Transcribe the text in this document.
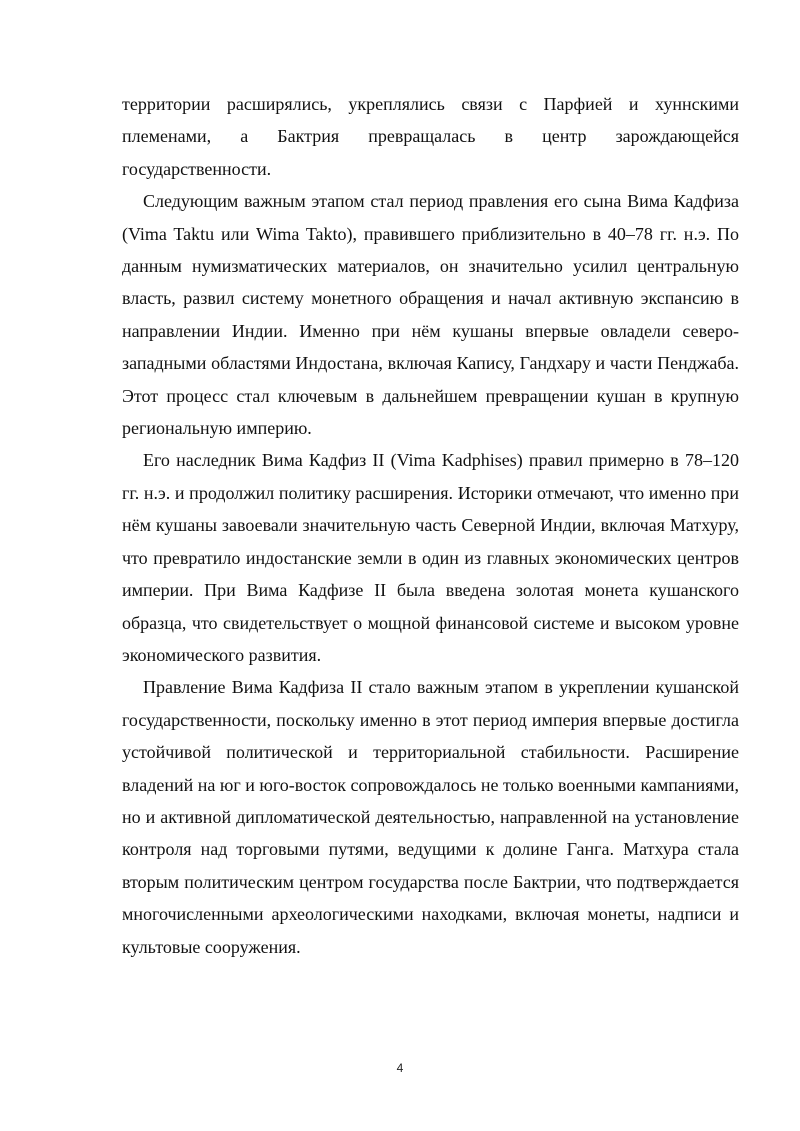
территории расширялись, укреплялись связи с Парфией и хуннскими племенами, а Бактрия превращалась в центр зарождающейся государственности.

Следующим важным этапом стал период правления его сына Вима Кадфиза (Vima Taktu или Wima Takto), правившего приблизительно в 40–78 гг. н.э. По данным нумизматических материалов, он значительно усилил центральную власть, развил систему монетного обращения и начал активную экспансию в направлении Индии. Именно при нём кушаны впервые овладели северо-западными областями Индостана, включая Капису, Гандхару и части Пенджаба. Этот процесс стал ключевым в дальнейшем превращении кушан в крупную региональную империю.

Его наследник Вима Кадфиз II (Vima Kadphises) правил примерно в 78–120 гг. н.э. и продолжил политику расширения. Историки отмечают, что именно при нём кушаны завоевали значительную часть Северной Индии, включая Матхуру, что превратило индостанские земли в один из главных экономических центров империи. При Вима Кадфизе II была введена золотая монета кушанского образца, что свидетельствует о мощной финансовой системе и высоком уровне экономического развития.

Правление Вима Кадфиза II стало важным этапом в укреплении кушанской государственности, поскольку именно в этот период империя впервые достигла устойчивой политической и территориальной стабильности. Расширение владений на юг и юго-восток сопровождалось не только военными кампаниями, но и активной дипломатической деятельностью, направленной на установление контроля над торговыми путями, ведущими к долине Ганга. Матхура стала вторым политическим центром государства после Бактрии, что подтверждается многочисленными археологическими находками, включая монеты, надписи и культовые сооружения.

4
